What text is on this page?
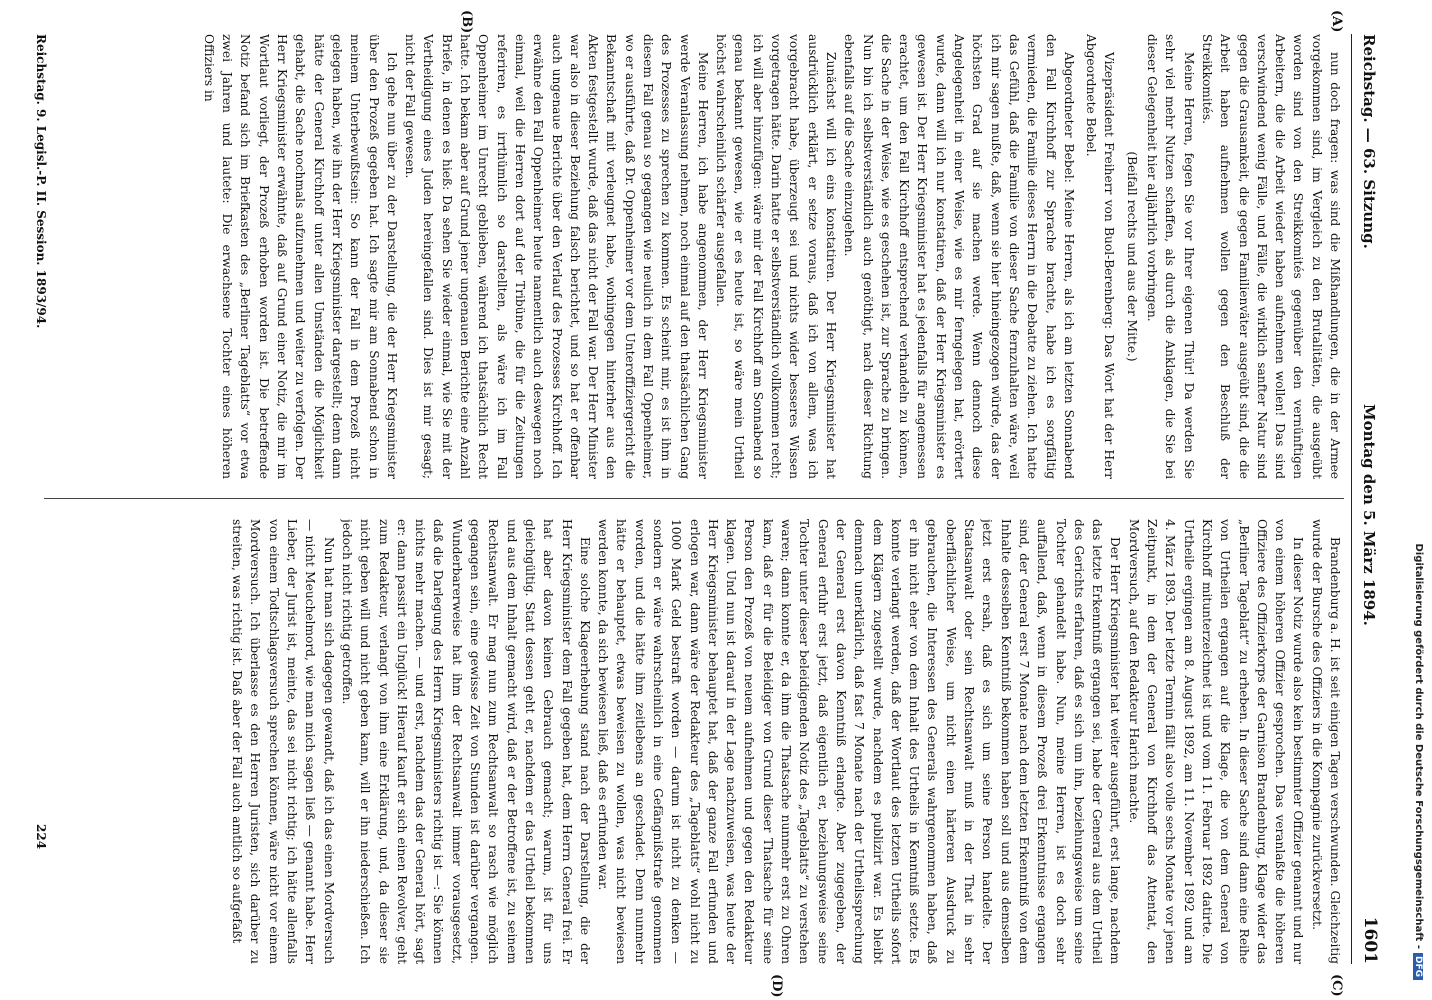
Digitalisierung gefördert durch die Deutsche Forschungsgemeinschaft -DFG
Reichstag. — 63. Sitzung.
Montag den 5. März 1894.
1601

nun doch fragen: was sind die Mißhandlungen, die in der Armee vorgekommen sind, im Vergleich zu den Brutalitäten, die ausgeübt worden sind von den Streikkomités gegenüber den vernünftigen Arbeitern, die die Arbeit wieder haben aufnehmen wollen! Das sind verschwindend wenig Fälle, und Fälle, die wirklich sanfter Natur sind gegen die Grausamkeit, die gegen Familienväter ausgeübt sind, die die Arbeit haben aufnehmen wollen gegen den Beschluß der Streikkomités.

Meine Herren, fegen Sie vor Ihrer eigenen Thür! Da werden Sie sehr viel mehr Nutzen schaffen, als durch die Anklagen, die Sie bei dieser Gelegenheit hier alljährlich vorbringen.

(Beifall rechts und aus der Mitte.)

Vizepräsident Freiherr von Buol-Berenberg: Das Wort hat der Herr Abgeordnete Bebel.

Abgeordneter Bebel: Meine Herren, als ich am letzten Sonnabend den Fall Kirchhoff zur Sprache brachte, habe ich es sorgfältig vermieden, die Familie dieses Herrn in die Debatte zu ziehen. Ich hatte das Gefühl, daß die Familie von dieser Sache fernzuhalten wäre, weil ich mir sagen mußte, daß, wenn sie hier hineingezogen würde, das der höchsten Grad auf sie machen werde. Wenn dennoch diese Angelegenheit in einer Weise, wie es mir ferngelegen hat, erörtert wurde, dann will ich nur konstatiren, daß der Herr Kriegsminister es gewesen ist. Der Herr Kriegsminister hat es jedenfalls für angemessen erachtet, um den Fall Kirchhoff entsprechend verhandeln zu können, die Sache in der Weise, wie es geschehen ist, zur Sprache zu bringen. Nun bin ich selbstverständlich auch genöthigt, nach dieser Richtung ebenfalls auf die Sache einzugehen.

Zunächst will ich eins konstatiren. Der Herr Kriegsminister hat ausdrücklich erklärt, er setze voraus, daß ich von allem, was ich vorgebracht habe, überzeugt sei und nichts wider besseres Wissen vorgetragen hätte. Darin hatte er selbstverständlich vollkommen recht; ich will aber hinzufügen: wäre mir der Fall Kirchhoff am Sonnabend so genau bekannt gewesen, wie er es heute ist, so wäre mein Urtheil höchst wahrscheinlich schärfer ausgefallen.

Meine Herren, ich habe angenommen, der Herr Kriegsminister werde Veranlassung nehmen, noch einmal auf den thatsächlichen Gang des Prozesses zu sprechen zu kommen. Es scheint mir, es ist ihm in diesem Fall genau so gegangen wie neulich in dem Fall Oppenheimer, wo er ausführte, daß Dr. Oppenheimer vor dem Unteroffiziergericht die Bekanntschaft mit verleugnet habe, wohingegen hinterher aus den Akten festgestellt wurde, daß das nicht der Fall war. Der Herr Minister war also in dieser Beziehung falsch berichtet, und so hat er offenbar auch ungenaue Berichte über den Verlauf des Prozesses Kirchhoff. Ich erwähne den Fall Oppenheimer heute namentlich auch deswegen noch einmal, weil die Herren dort auf der Tribüne, die für die Zeitungen referiren, es irrthümlich so darstellten, als wäre ich im Fall Oppenheimer im Unrecht geblieben, während ich thatsächlich Recht hatte. Ich bekam aber auf Grund jener ungenauen Berichte eine Anzahl Briefe, in denen es hieß: Da sehen Sie wieder einmal, wie Sie mit der Vertheidigung eines Juden hereingefallen sind. Dies ist mir gesagt; nicht der Fall gewesen.

Ich gehe nun über zu der Darstellung, die der Herr Kriegsminister über den Prozeß gegeben hat. Ich sagte mir am Sonnabend schon in meinem Unterbewußtsein: So kann der Fall in dem Prozeß nicht gelegen haben, wie ihn der Herr Kriegsminister dargestellt; denn dann hätte der General Kirchhoff unter allen Umständen die Möglichkeit gehabt, die Sache nochmals aufzunehmen und weiter zu verfolgen. Der Herr Kriegsminister erwähnte, daß auf Grund einer Notiz, die mir im Wortlaut vorliegt, der Prozeß erhoben worden ist. Die betreffende Notiz befand sich im Briefkasten des „Berliner Tageblatts“ vor etwa zwei Jahren und lautete: Die erwachsene Tochter eines höheren Offiziers in

Brandenburg a. H. ist seit einigen Tagen verschwunden. Gleichzeitig wurde der Bursche des Offiziers in die Kompagnie zurückversetzt.

In dieser Notiz wurde also kein bestimmter Offizier genannt und nur von einem höheren Offizier gesprochen. Das veranlaßte die höheren Offiziere des Offizierkorps der Garnison Brandenburg, Klage wider das „Berliner Tageblatt“ zu erheben. In dieser Sache sind dann eine Reihe von Urtheilen ergangen auf die Klage, die von dem General von Kirchhoff mitunterzeichnet ist und vom 11. Februar 1892 datirte. Die Urtheile ergingen am 8. August 1892, am 11. November 1892 und am 4. März 1893. Der letzte Termin fällt also volle sechs Monate vor jenen Zeitpunkt, in dem der General von Kirchhoff das Attentat, den Mordversuch, auf den Redakteur Harich machte.

Der Herr Kriegsminister hat weiter ausgeführt, erst lange, nachdem das letzte Erkenntniß ergangen sei, habe der General aus dem Urtheil des Gerichts erfahren, daß es sich um ihn, beziehungsweise um seine Tochter gehandelt habe. Nun, meine Herren, ist es doch sehr auffallend, daß, wenn in diesem Prozeß drei Erkenntnisse ergangen sind, der General erst 7 Monate nach dem letzten Erkenntniß von dem Inhalte desselben Kenntniß bekommen haben soll und aus demselben jetzt erst ersah, daß es sich um seine Person handelte. Der Staatsanwalt oder sein Rechtsanwalt muß in der That in sehr oberflächlicher Weise, um nicht einen härteren Ausdruck zu gebrauchen, die Interessen des Generals wahrgenommen haben, daß er ihn nicht eher von dem Inhalt des Urtheils in Kenntniß setzte. Es konnte verlangt werden, daß der Wortlaut des letzten Urtheils sofort dem Klägern zugestellt wurde, nachdem es publizirt war. Es bleibt demnach unerklärlich, daß fast 7 Monate nach der Urtheilssprechung der General erst davon Kenntniß erlangte. Aber zugegeben, der General erfuhr erst jetzt, daß eigentlich er, beziehungsweise seine Tochter unter dieser beleidigenden Notiz des „Tageblatts“ zu verstehen waren; dann konnte er, da ihm die Thatsache nunmehr erst zu Ohren kam, daß er für die Beleidiger von Grund dieser Thatsache für seine Person den Prozeß von neuem aufnehmen und gegen den Redakteur klagen. Und nun ist darauf in der Lage nachzuweisen, was heute der Herr Kriegsminister behauptet hat, daß der ganze Fall erfunden und erlogen war, dann wäre der Redakteur des „Tageblatts“ wohl nicht zu 1000 Mark Geld bestraft worden — darum ist nicht zu denken — sondern er wäre wahrscheinlich in eine Gefängnißstrafe genommen worden, und die hätte ihm zeitlebens an geschadet. Denn nunmehr hätte er behauptet, etwas beweisen zu wollen, was nicht bewiesen werden konnte, da sich bewiesen ließ, daß es erfunden war.

Eine solche Klageerhebung stand nach der Darstellung, die der Herr Kriegsminister dem Fall gegeben hat, dem Herrn General frei. Er hat aber davon keinen Gebrauch gemacht; warum, ist für uns gleichgültig. Statt dessen geht er, nachdem er das Urtheil bekommen und aus dem Inhalt gemacht wird, daß er der Betroffene ist, zu seinem Rechtsanwalt. Er mag nun zum Rechtsanwalt so rasch wie möglich gegangen sein, eine gewisse Zeit von Stunden ist darüber vergangen. Wunderbarerweise hat ihm der Rechtsanwalt immer vorausgesetzt, daß die Darlegung des Herrn Kriegsministers richtig ist —: Sie können nichts mehr machen. — und erst, nachdem das der General hört, sagt er: dann passirt ein Unglück! Hierauf kauft er sich einen Revolver, geht zum Redakteur, verlangt von ihm eine Erklärung, und, da dieser sie nicht geben will und nicht geben kann, will er ihn niederschießen. Ich jedoch nicht richtig getroffen.

Nun hat man sich dagegen gewandt, daß ich das einen Mordversuch — nicht Meuchelmord, wie man mich sagen ließ — genannt habe. Herr Lieber, der Jurist ist, meinte, das sei nicht richtig; ich hätte allenfalls von einem Todtschlagsversuch sprechen können, wäre nicht vor einem Mordversuch. Ich überlasse es den Herren Juristen, sich darüber zu streiten, was richtig ist. Daß aber der Fall auch amtlich so aufgefaßt

(A)
(B)
(C)
(D)
Reichstag. 9. Legisl.-P. II. Session. 1893/94.
224
